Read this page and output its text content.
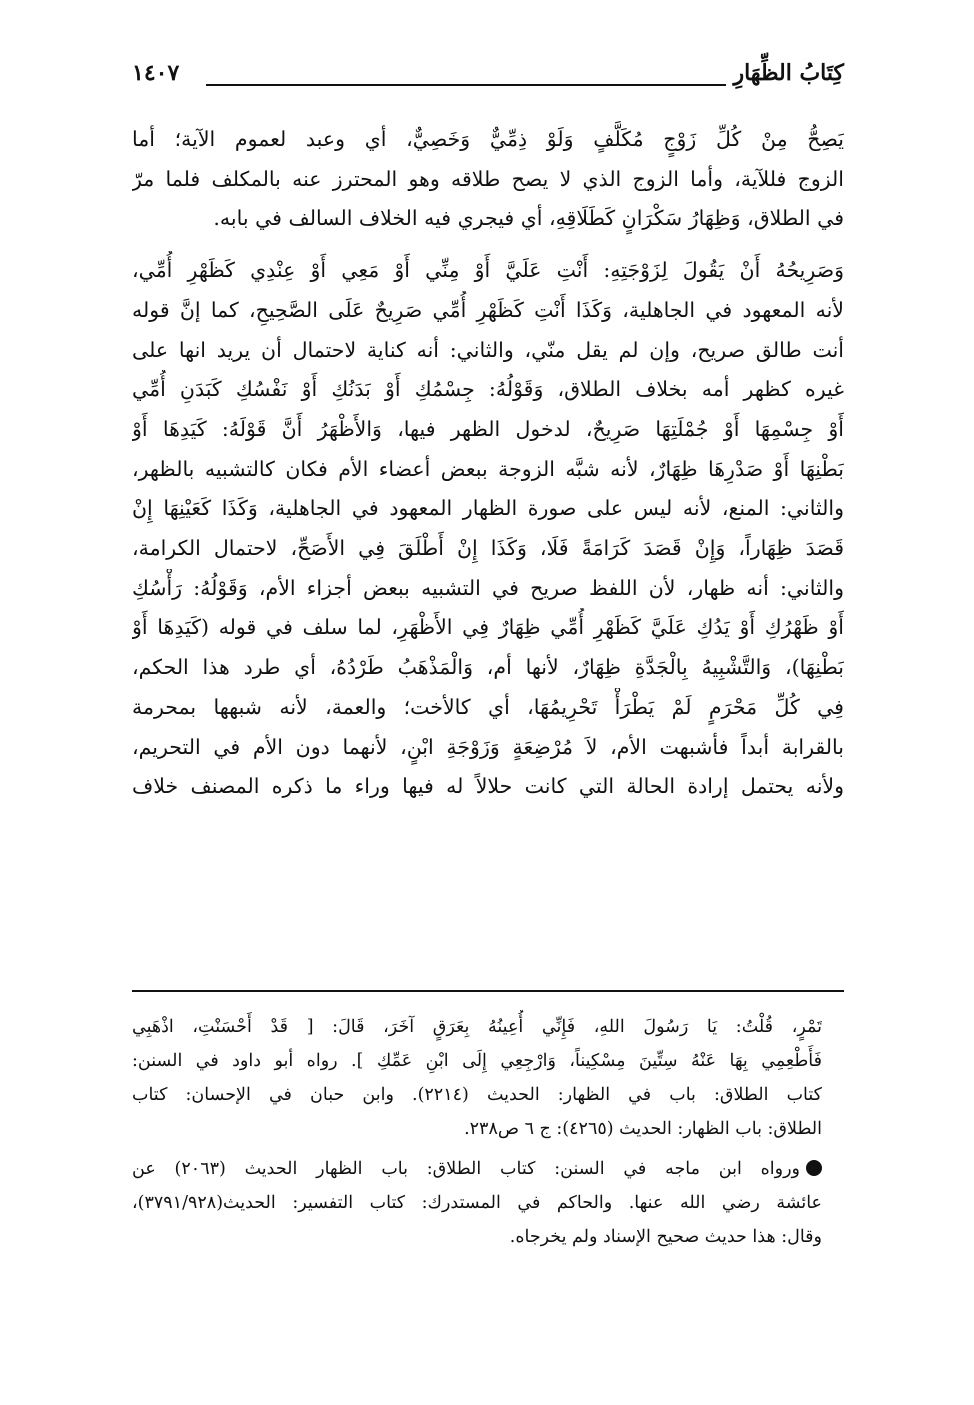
كِتَابُ الظِّهَارِ
١٤٠٧

يَصِحُّ مِنْ كُلِّ زَوْجٍ مُكَلَّفٍ وَلَوْ ذِمِّيٌّ وَخَصِيٌّ، أي وعبد لعموم الآية؛ أما
الزوج فللآية، وأما الزوج الذي لا يصح طلاقه وهو المحترز عنه بالمكلف فلما مرّ
في الطلاق، وَظِهَارُ سَكْرَانٍ كَطَلَاقِهِ، أي فيجري فيه الخلاف السالف في بابه.

وَصَرِيحُهُ أَنْ يَقُولَ لِزَوْجَتِهِ: أَنْتِ عَلَيَّ أَوْ مِنِّي أَوْ مَعِي أَوْ عِنْدِي كَظَهْرِ أُمِّي،
لأنه المعهود في الجاهلية، وَكَذَا أَنْتِ كَظَهْرِ أُمِّي صَرِيحٌ عَلَى الصَّحِيحِ، كما إنَّ قوله
أنت طالق صريح، وإن لم يقل منّي، والثاني: أنه كناية لاحتمال أن يريد انها على
غيره كظهر أمه بخلاف الطلاق، وَقَوْلُهُ: جِسْمُكِ أَوْ بَدَنُكِ أَوْ نَفْسُكِ كَبَدَنِ أُمِّي
أَوْ جِسْمِهَا أَوْ جُمْلَتِهَا صَرِيحٌ، لدخول الظهر فيها، وَالأَظْهَرُ أَنَّ قَوْلَهُ: كَيَدِهَا أَوْ
بَطْنِهَا أَوْ صَدْرِهَا ظِهَارٌ، لأنه شبَّه الزوجة ببعض أعضاء الأم فكان كالتشبيه بالظهر،
والثاني: المنع، لأنه ليس على صورة الظهار المعهود في الجاهلية، وَكَذَا كَعَيْنِهَا إِنْ
قَصَدَ ظِهَاراً، وَإِنْ قَصَدَ كَرَامَةً فَلَا، وَكَذَا إِنْ أَطْلَقَ فِي الأَصَحِّ، لاحتمال الكرامة،
والثاني: أنه ظهار، لأن اللفظ صريح في التشبيه ببعض أجزاء الأم، وَقَوْلُهُ: رَأْسُكِ
أَوْ ظَهْرُكِ أَوْ يَدُكِ عَلَيَّ كَظَهْرِ أُمِّي ظِهَارٌ فِي الأَظْهَرِ، لما سلف في قوله (كَيَدِهَا أَوْ
بَطْنِهَا)، وَالتَّشْبِيهُ بِالْجَدَّةِ ظِهَارٌ، لأنها أم، وَالْمَذْهَبُ طَرْدُهُ، أي طرد هذا الحكم،
فِي كُلِّ مَحْرَمٍ لَمْ يَطْرَأْ تَحْرِيمُهَا، أي كالأخت؛ والعمة، لأنه شبهها بمحرمة
بالقرابة أبداً فأشبهت الأم، لاَ مُرْضِعَةٍ وَزَوْجَةِ ابْنٍ، لأنهما دون الأم في التحريم،
ولأنه يحتمل إرادة الحالة التي كانت حلالاً له فيها وراء ما ذكره المصنف خلاف

تَمْرٍ، قُلْتُ: يَا رَسُولَ اللهِ، فَإِنِّي أُعِينُهُ بِعَرَقٍ آخَرَ، قَالَ: [ قَدْ أَحْسَنْتِ، اذْهَبِي
فَأَطْعِمِي بِهَا عَنْهُ سِتِّينَ مِسْكِيناً، وَارْجِعِي إِلَى ابْنِ عَمِّكِ ]. رواه أبو داود في السنن:
كتاب الطلاق: باب في الظهار: الحديث (٢٢١٤). وابن حبان في الإحسان: كتاب
الطلاق: باب الظهار: الحديث (٤٢٦٥): ج ٦ ص٢٣٨.
ورواه ابن ماجه في السنن: كتاب الطلاق: باب الظهار الحديث (٢٠٦٣) عن
عائشة رضي الله عنها. والحاكم في المستدرك: كتاب التفسير: الحديث(٣٧٩١/٩٢٨)،
وقال: هذا حديث صحيح الإسناد ولم يخرجاه.
